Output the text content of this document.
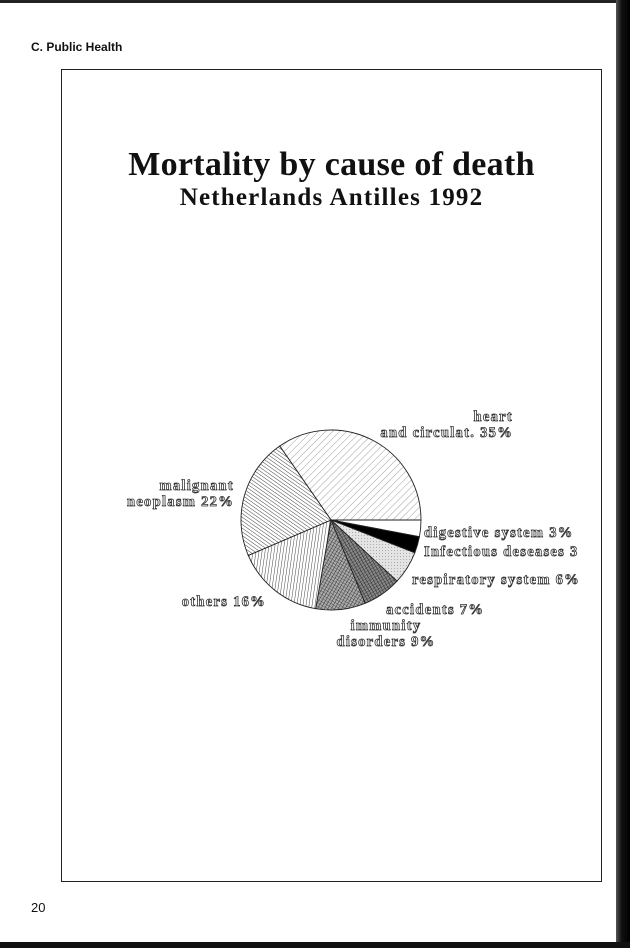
C. Public Health
Mortality by cause of death
Netherlands Antilles 1992
heart
and circulat. 35%
digestive system 3%
Infectious deseases 3
respiratory system 6%
accidents 7%
immunity
disorders 9%
others 16%
malignant
neoplasm 22%
20
